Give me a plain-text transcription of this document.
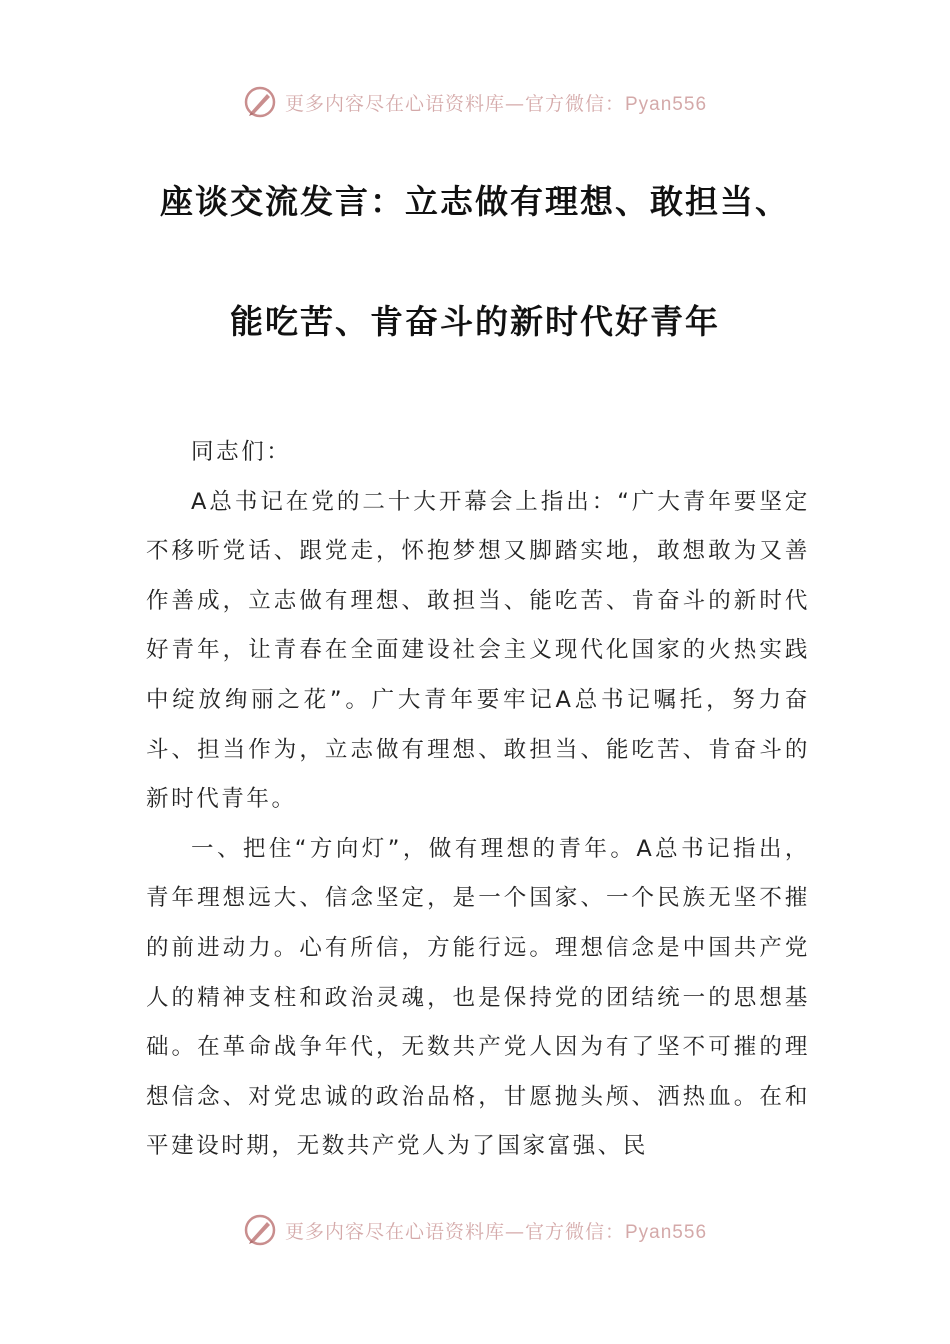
更多内容尽在心语资料库—官方微信：Pyan556
座谈交流发言：立志做有理想、敢担当、
能吃苦、肯奋斗的新时代好青年

同志们：

A总书记在党的二十大开幕会上指出：“广大青年要坚定不移听党话、跟党走，怀抱梦想又脚踏实地，敢想敢为又善作善成，立志做有理想、敢担当、能吃苦、肯奋斗的新时代好青年，让青春在全面建设社会主义现代化国家的火热实践中绽放绚丽之花”。广大青年要牢记A总书记嘱托，努力奋斗、担当作为，立志做有理想、敢担当、能吃苦、肯奋斗的新时代青年。

一、把住“方向灯”，做有理想的青年。A总书记指出，青年理想远大、信念坚定，是一个国家、一个民族无坚不摧的前进动力。心有所信，方能行远。理想信念是中国共产党人的精神支柱和政治灵魂，也是保持党的团结统一的思想基础。在革命战争年代，无数共产党人因为有了坚不可摧的理想信念、对党忠诚的政治品格，甘愿抛头颅、洒热血。在和平建设时期，无数共产党人为了国家富强、民

更多内容尽在心语资料库—官方微信：Pyan556
